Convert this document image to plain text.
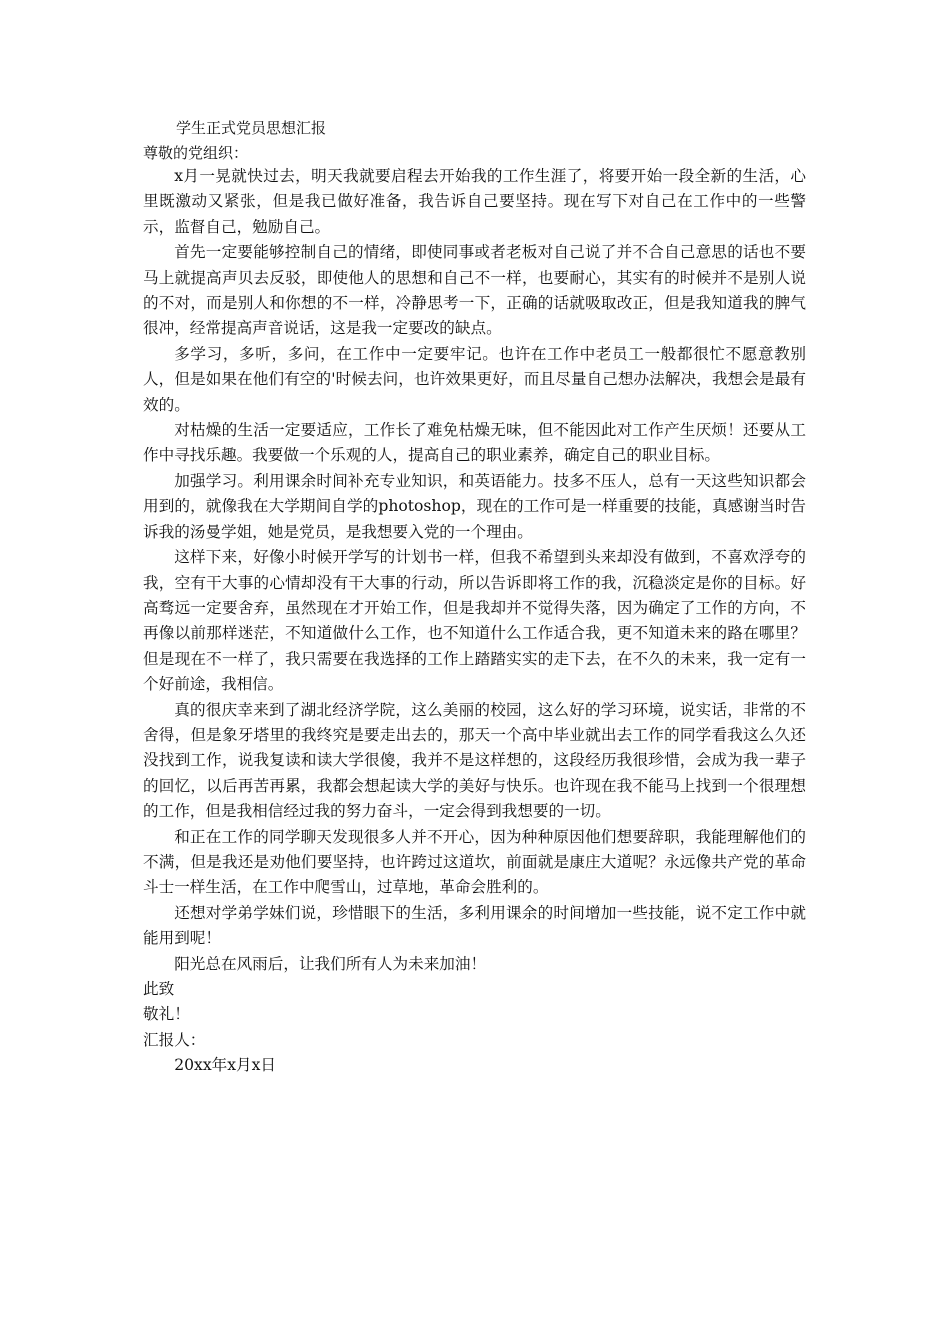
学生正式党员思想汇报
尊敬的党组织：

x月一晃就快过去，明天我就要启程去开始我的工作生涯了，将要开始一段全新的生活，心里既激动又紧张，但是我已做好准备，我告诉自己要坚持。现在写下对自己在工作中的一些警示，监督自己，勉励自己。

首先一定要能够控制自己的情绪，即使同事或者老板对自己说了并不合自己意思的话也不要马上就提高声贝去反驳，即使他人的思想和自己不一样，也要耐心，其实有的时候并不是别人说的不对，而是别人和你想的不一样，冷静思考一下，正确的话就吸取改正，但是我知道我的脾气很冲，经常提高声音说话，这是我一定要改的缺点。

多学习，多听，多问，在工作中一定要牢记。也许在工作中老员工一般都很忙不愿意教别人，但是如果在他们有空的'时候去问，也许效果更好，而且尽量自己想办法解决，我想会是最有效的。

对枯燥的生活一定要适应，工作长了难免枯燥无味，但不能因此对工作产生厌烦！还要从工作中寻找乐趣。我要做一个乐观的人，提高自己的职业素养，确定自己的职业目标。

加强学习。利用课余时间补充专业知识，和英语能力。技多不压人，总有一天这些知识都会用到的，就像我在大学期间自学的photoshop，现在的工作可是一样重要的技能，真感谢当时告诉我的汤曼学姐，她是党员，是我想要入党的一个理由。

这样下来，好像小时候开学写的计划书一样，但我不希望到头来却没有做到，不喜欢浮夸的我，空有干大事的心情却没有干大事的行动，所以告诉即将工作的我，沉稳淡定是你的目标。好高骛远一定要舍弃，虽然现在才开始工作，但是我却并不觉得失落，因为确定了工作的方向，不再像以前那样迷茫，不知道做什么工作，也不知道什么工作适合我，更不知道未来的路在哪里？但是现在不一样了，我只需要在我选择的工作上踏踏实实的走下去，在不久的未来，我一定有一个好前途，我相信。

真的很庆幸来到了湖北经济学院，这么美丽的校园，这么好的学习环境，说实话，非常的不舍得，但是象牙塔里的我终究是要走出去的，那天一个高中毕业就出去工作的同学看我这么久还没找到工作，说我复读和读大学很傻，我并不是这样想的，这段经历我很珍惜，会成为我一辈子的回忆，以后再苦再累，我都会想起读大学的美好与快乐。也许现在我不能马上找到一个很理想的工作，但是我相信经过我的努力奋斗，一定会得到我想要的一切。

和正在工作的同学聊天发现很多人并不开心，因为种种原因他们想要辞职，我能理解他们的不满，但是我还是劝他们要坚持，也许跨过这道坎，前面就是康庄大道呢？永远像共产党的革命斗士一样生活，在工作中爬雪山，过草地，革命会胜利的。

还想对学弟学妹们说，珍惜眼下的生活，多利用课余的时间增加一些技能，说不定工作中就能用到呢！

阳光总在风雨后，让我们所有人为未来加油！

此致

敬礼！

汇报人：

20xx年x月x日
